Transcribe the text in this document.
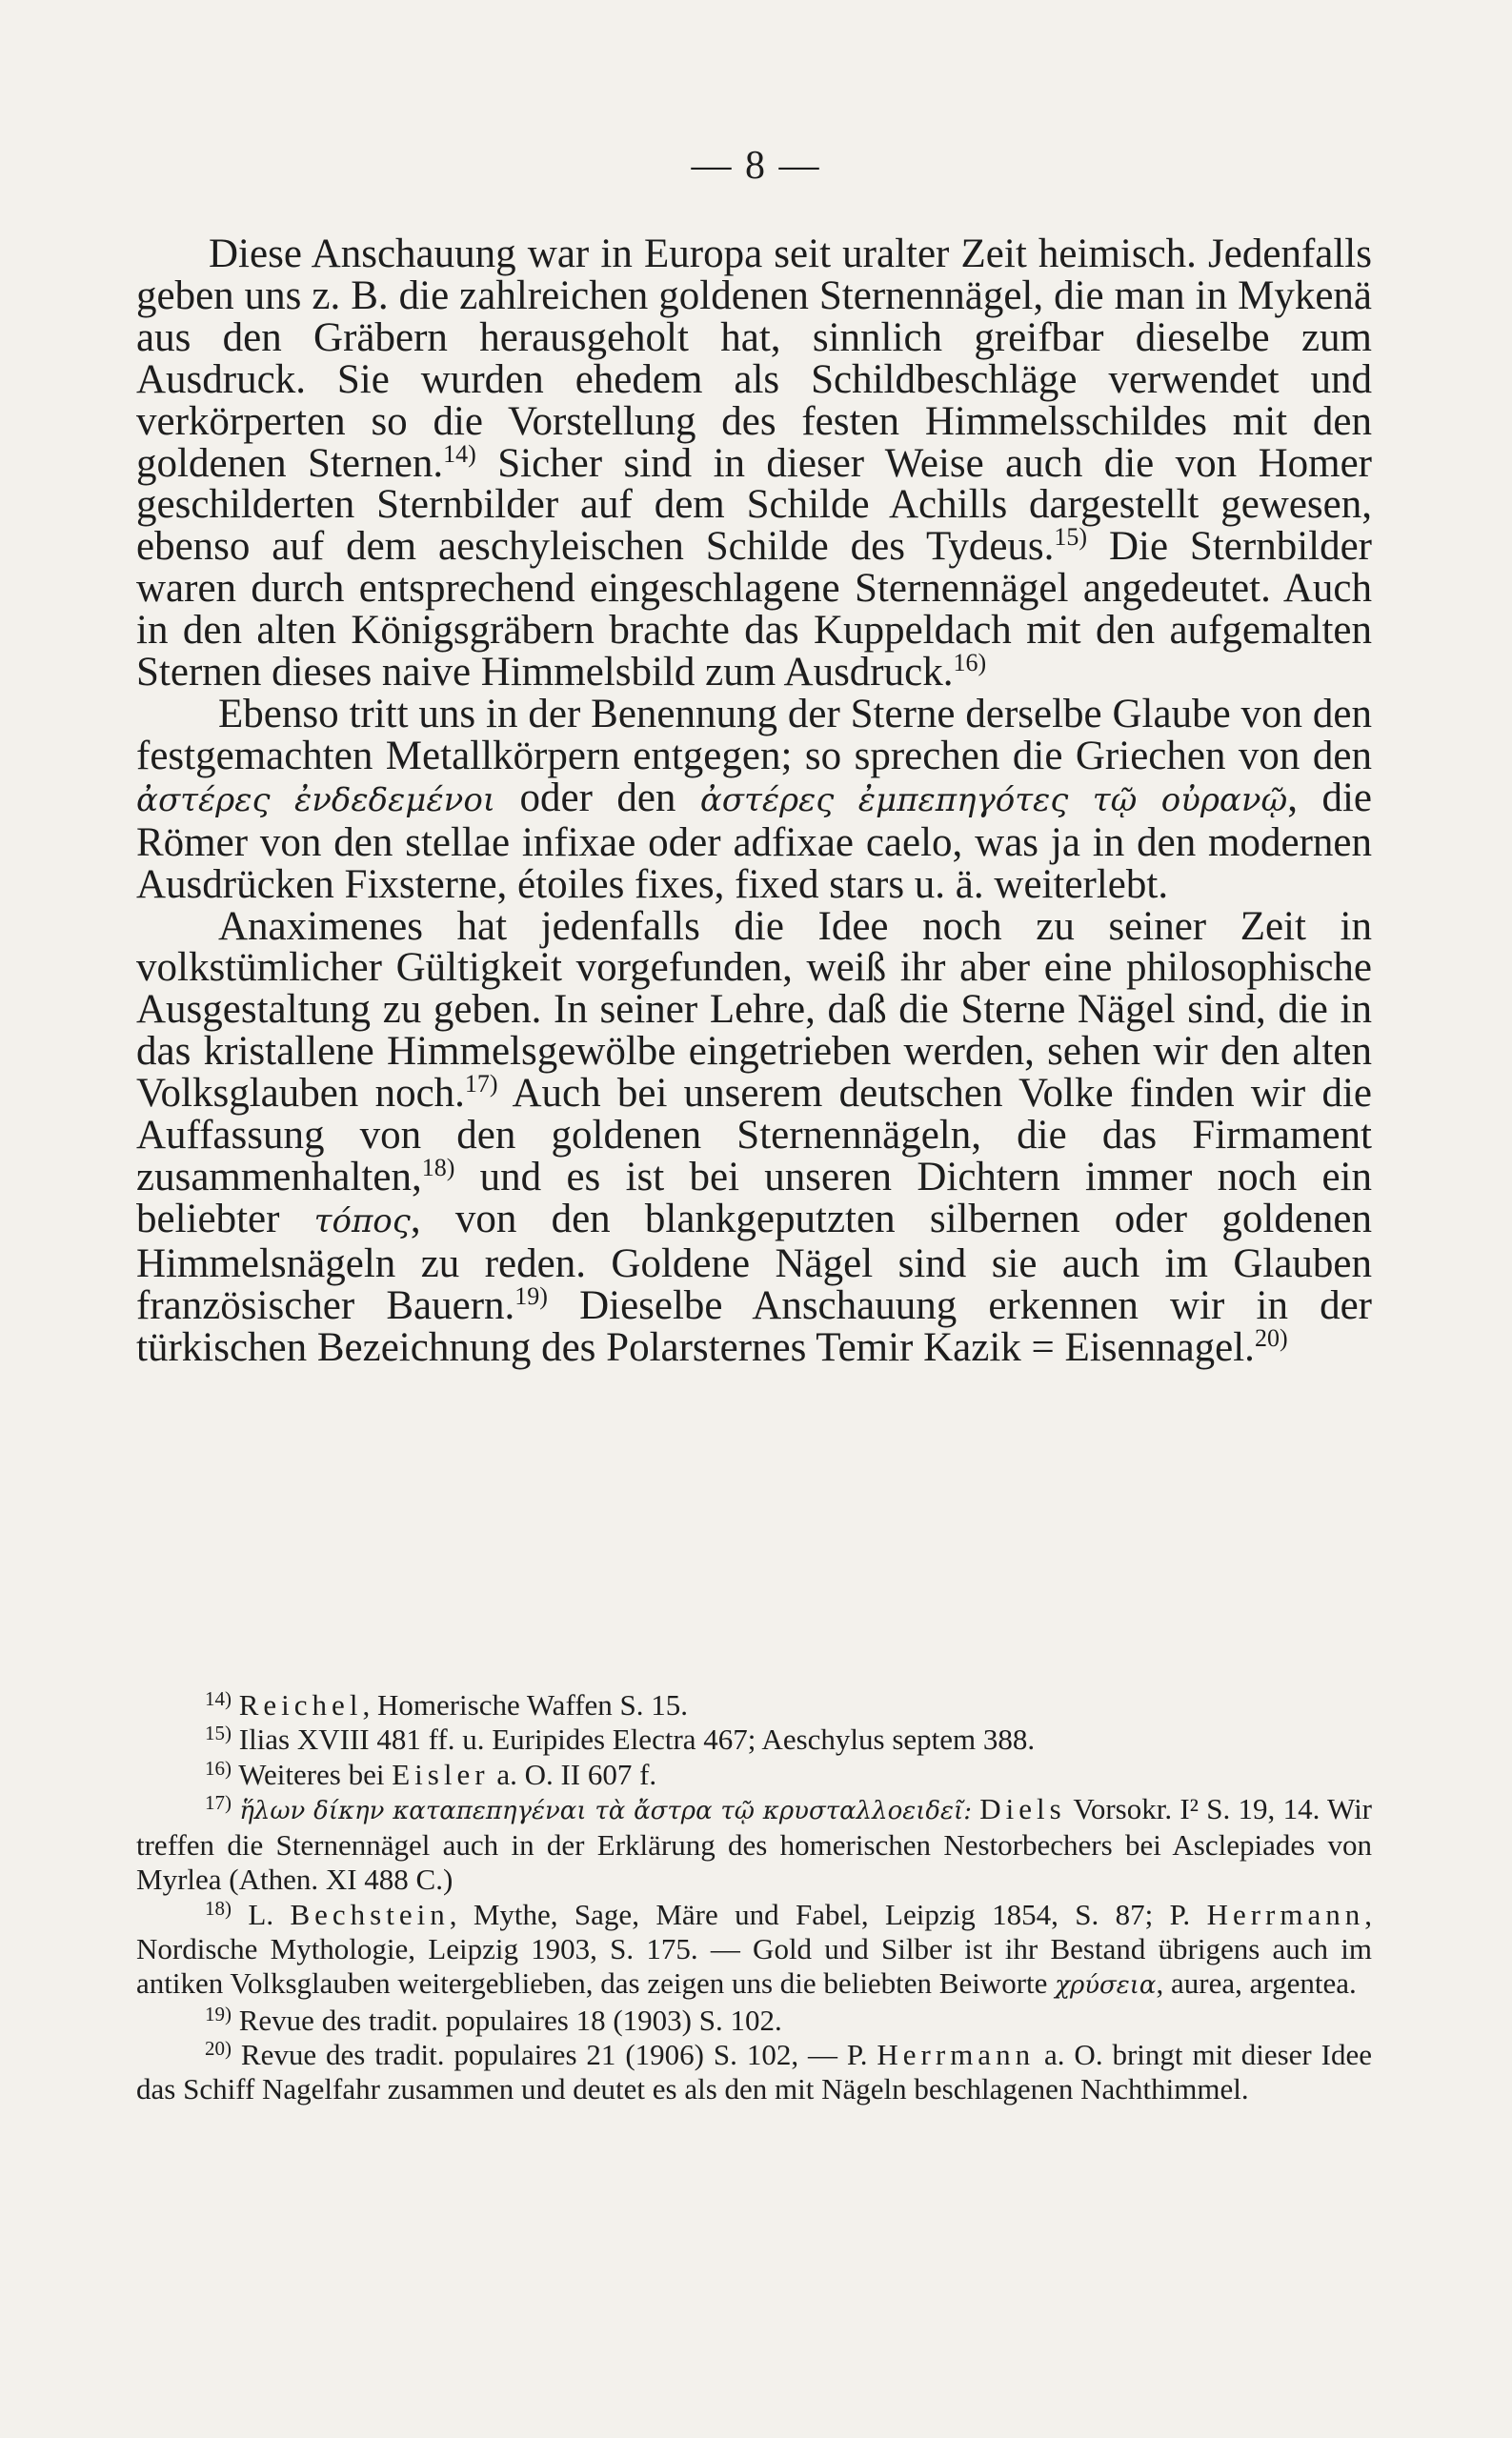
— 8 —

Diese Anschauung war in Europa seit uralter Zeit heimisch. Jedenfalls geben uns z. B. die zahlreichen goldenen Sternennägel, die man in Mykenä aus den Gräbern herausgeholt hat, sinnlich greifbar dieselbe zum Ausdruck. Sie wurden ehedem als Schildbeschläge verwendet und verkörperten so die Vorstellung des festen Himmelsschildes mit den goldenen Sternen.$^{14)}$ Sicher sind in dieser Weise auch die von Homer geschilderten Sternbilder auf dem Schilde Achills dargestellt gewesen, ebenso auf dem aeschyleischen Schilde des Tydeus.$^{15)}$ Die Sternbilder waren durch entsprechend eingeschlagene Sternennägel angedeutet. Auch in den alten Königsgräbern brachte das Kuppeldach mit den aufgemalten Sternen dieses naive Himmelsbild zum Ausdruck.$^{16)}$

Ebenso tritt uns in der Benennung der Sterne derselbe Glaube von den festgemachten Metallkörpern entgegen; so sprechen die Griechen von den ἀστέρες ἐνδεδεμένοι oder den ἀστέρες ἐμπεπηγότες τῷ οὐρανῷ, die Römer von den stellae infixae oder adfixae caelo, was ja in den modernen Ausdrücken Fixsterne, étoiles fixes, fixed stars u. ä. weiterlebt.

Anaximenes hat jedenfalls die Idee noch zu seiner Zeit in volkstümlicher Gültigkeit vorgefunden, weiß ihr aber eine philosophische Ausgestaltung zu geben. In seiner Lehre, daß die Sterne Nägel sind, die in das kristallene Himmelsgewölbe eingetrieben werden, sehen wir den alten Volksglauben noch.$^{17)}$ Auch bei unserem deutschen Volke finden wir die Auffassung von den goldenen Sternennägeln, die das Firmament zusammenhalten,$^{18)}$ und es ist bei unseren Dichtern immer noch ein beliebter τόπος, von den blankgeputzten silbernen oder goldenen Himmelsnägeln zu reden. Goldene Nägel sind sie auch im Glauben französischer Bauern.$^{19)}$ Dieselbe Anschauung erkennen wir in der türkischen Bezeichnung des Polarsternes Temir Kazik = Eisennagel.$^{20)}$

$^{14)}$ Reichel, Homerische Waffen S. 15.

$^{15)}$ Ilias XVIII 481 ff. u. Euripides Electra 467; Aeschylus septem 388.

$^{16)}$ Weiteres bei Eisler a. O. II 607 f.

$^{17)}$ ἥλων δίκην καταπεπηγέναι τὰ ἄστρα τῷ κρυσταλλοειδεῖ: Diels Vorsokr. I² S. 19, 14. Wir treffen die Sternennägel auch in der Erklärung des homerischen Nestorbechers bei Asclepiades von Myrlea (Athen. XI 488 C.)

$^{18)}$ L. Bechstein, Mythe, Sage, Märe und Fabel, Leipzig 1854, S. 87; P. Herrmann, Nordische Mythologie, Leipzig 1903, S. 175. — Gold und Silber ist ihr Bestand übrigens auch im antiken Volksglauben weitergeblieben, das zeigen uns die beliebten Beiworte χρύσεια, aurea, argentea.

$^{19)}$ Revue des tradit. populaires 18 (1903) S. 102.

$^{20)}$ Revue des tradit. populaires 21 (1906) S. 102, — P. Herrmann a. O. bringt mit dieser Idee das Schiff Nagelfahr zusammen und deutet es als den mit Nägeln beschlagenen Nachthimmel.
